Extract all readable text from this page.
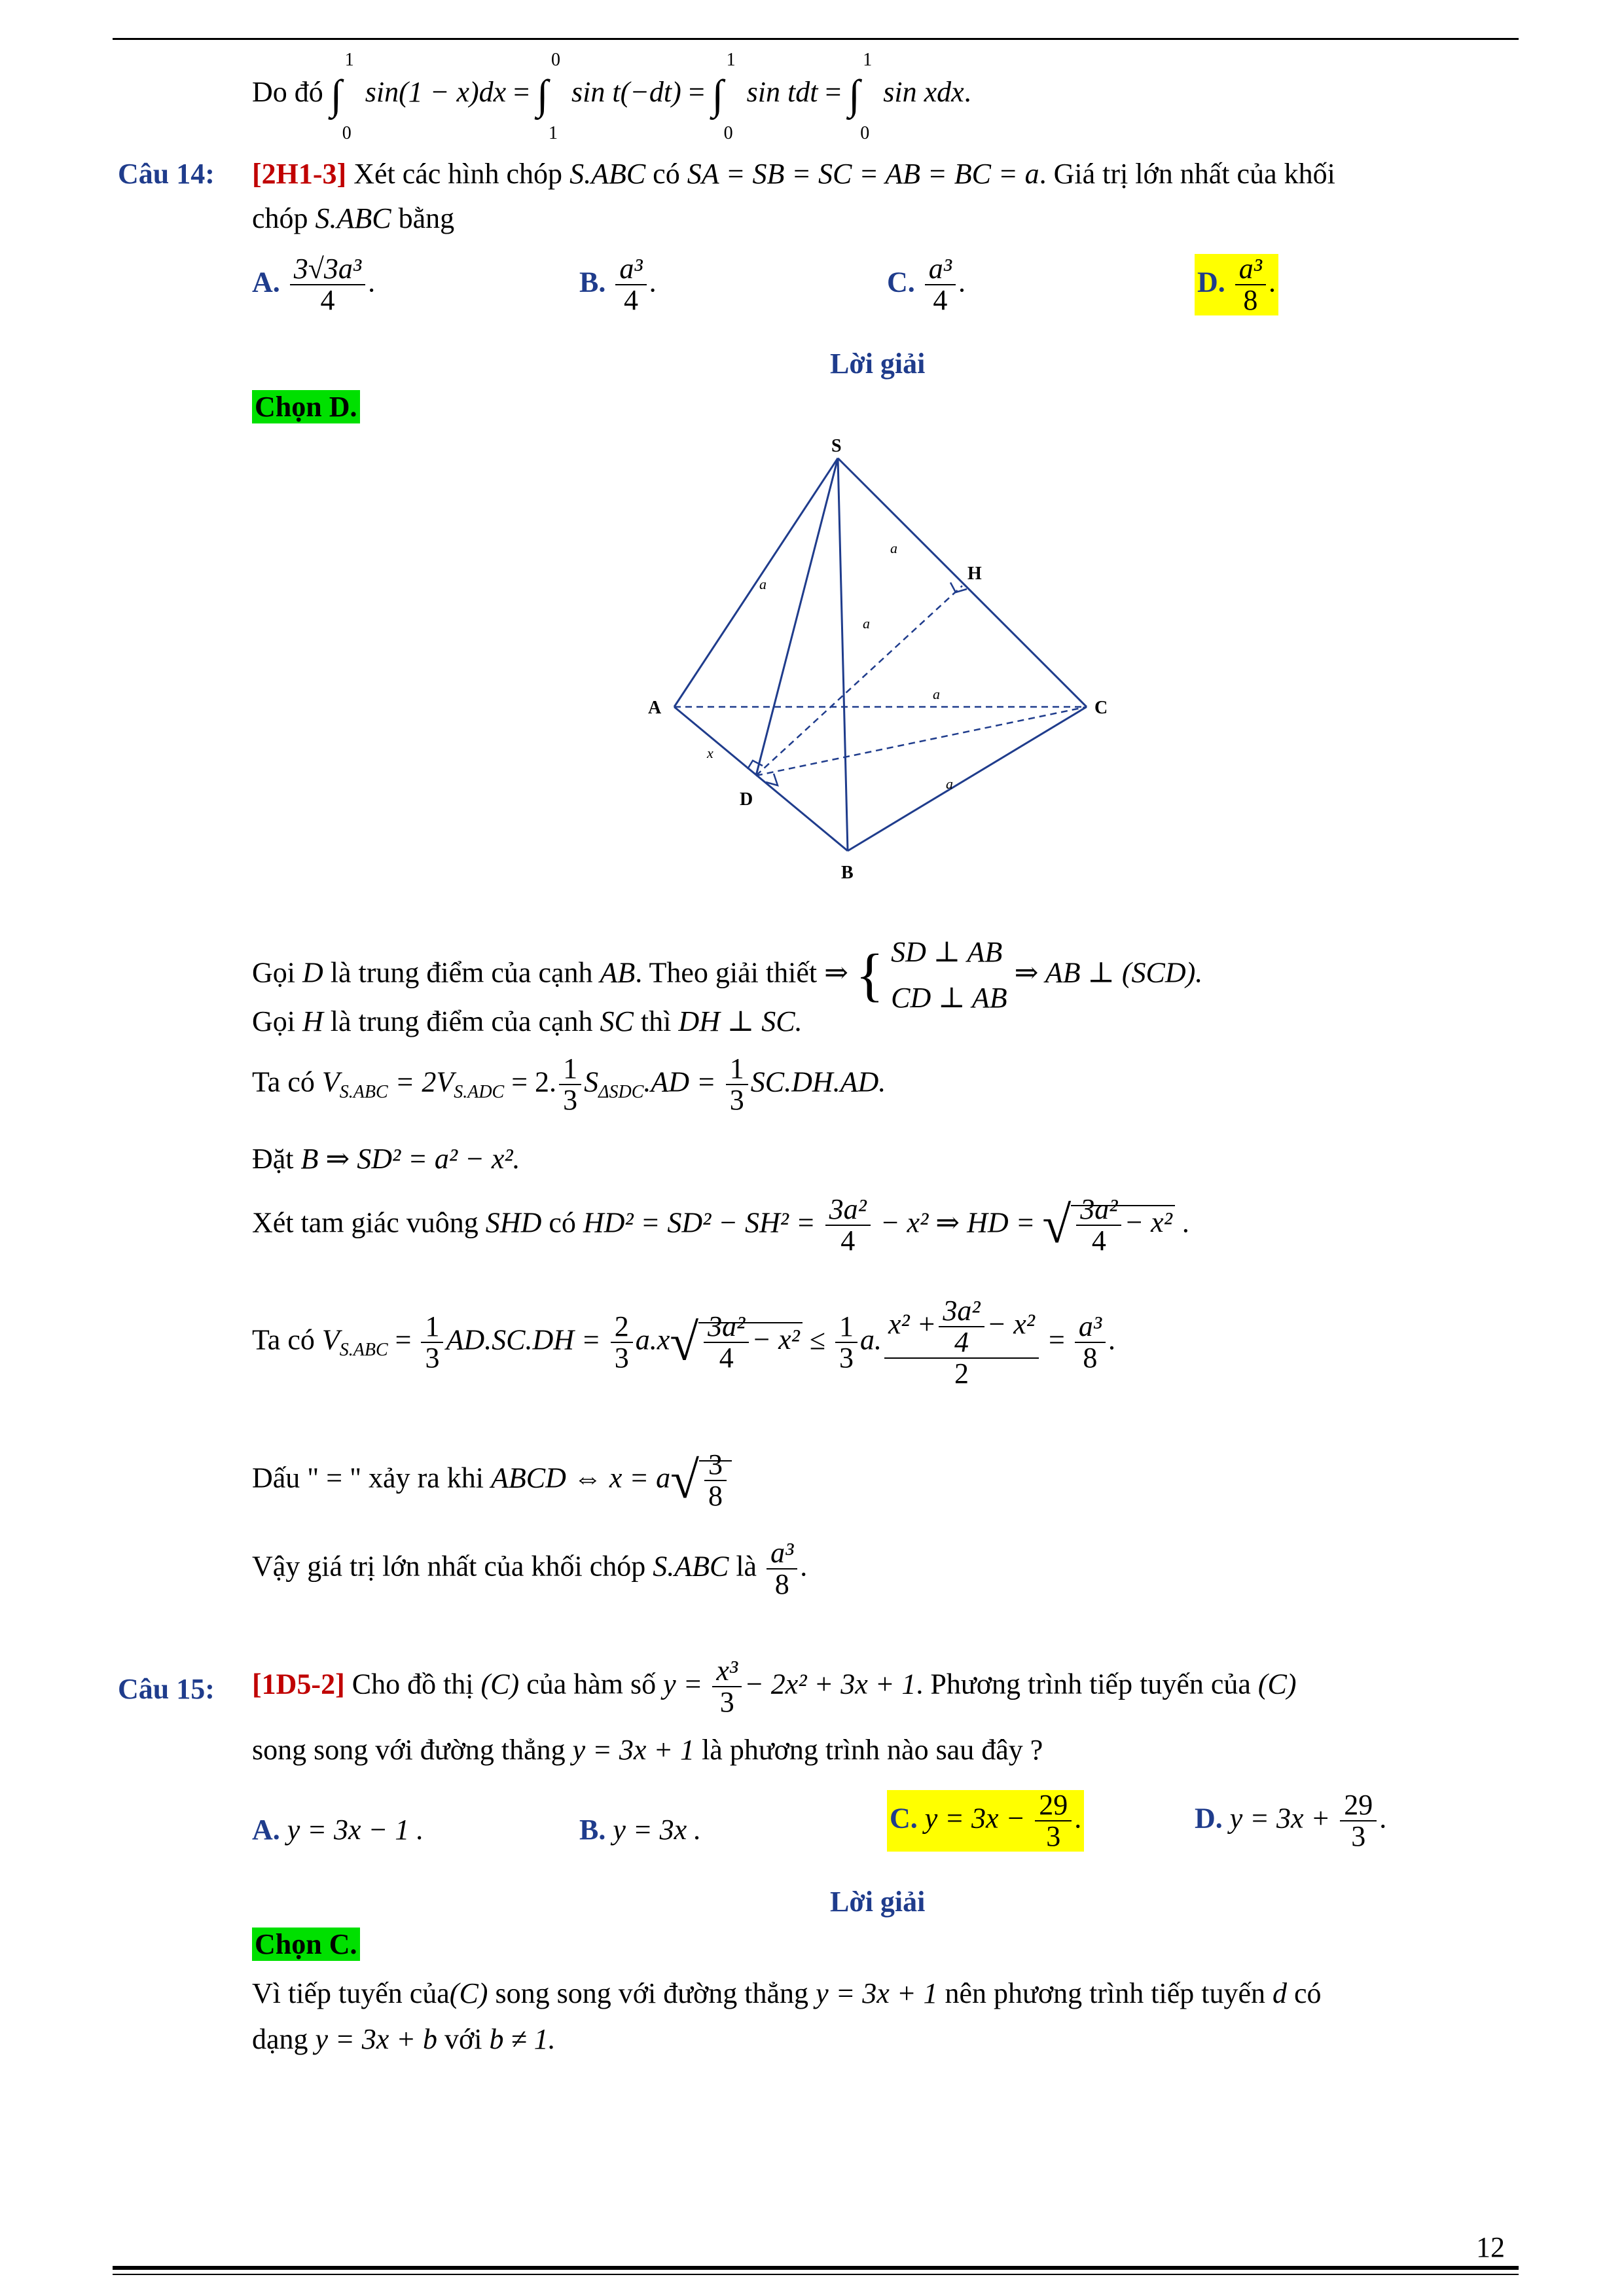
Do đó ∫
1
0
sin(1 − x)dx = ∫
0
1
sin t(−dt) = ∫
1
0
sin tdt = ∫
1
0
sin xdx.
Câu 14: [2H1-3] Xét các hình chóp S.ABC có SA = SB = SC = AB = BC = a. Giá trị lớn nhất của khối
chóp S.ABC bằng
A. $\frac{\text{3√3a³}}{4}$ .	B. $\frac{\text{a³}}{4}$ .	C. $\frac{\text{a³}}{4}$ .	D. $\frac{\text{a³}}{8}$ .
Lời giải
Chọn D.
S
A
B
C
D
H
a
a
a
a
a
x
Gọi D là trung điểm của cạnh AB. Theo giải thiết ⇒ { SD ⊥ AB
CD ⊥ AB
⇒ AB ⊥ (SCD).
Gọi H là trung điểm của cạnh SC thì DH ⊥ SC.
Ta có $V_{S.ABC} = 2V_{S.ADC} = 2$. $\frac{1}{3} S_{\Delta SDC}.AD = \frac{1}{3} SC.DH.AD$.
Đặt B ⇒ SD² = a² − x².
Xét tam giác vuông SHD có $HD^2 = SD^2 - SH^2 = \frac{\text{3a²}}{4} - x^2$ ⇒ HD = √ $\frac{\text{3a²}}{4} - x^2$ .
Ta có $V_{S.ABC} = \frac{1}{3} AD.SC.DH = \frac{2}{3} a.x√ \frac{\text{3a²}}{4} - x^2 \le \frac{1}{3} a$. $\frac{x^2 + \frac{\text{3a²}}{4} - x^2}{2} = \frac{\text{a³}}{8}$ .
Dấu " = " xảy ra khi ABCD ⇔ $x = a√ \frac{3}{8}$
Vậy giá trị lớn nhất của khối chóp S.ABC là $\frac{\text{a³}}{8}$ .
Câu 15: [1D5-2] Cho đồ thị (C) của hàm số $y = \frac{\text{x³}}{3} - 2x^2 + 3x + 1$. Phương trình tiếp tuyến của (C)
song song với đường thẳng y = 3x + 1 là phương trình nào sau đây ?
A. y = 3x − 1 .	B. y = 3x .	C. $y = 3x - \frac{29}{3}$ .	D. $y = 3x + \frac{29}{3}$ .
Lời giải
Chọn C.
Vì tiếp tuyến của(C) song song với đường thẳng y = 3x + 1 nên phương trình tiếp tuyến d có
dạng y = 3x + b với b ≠ 1.
12
